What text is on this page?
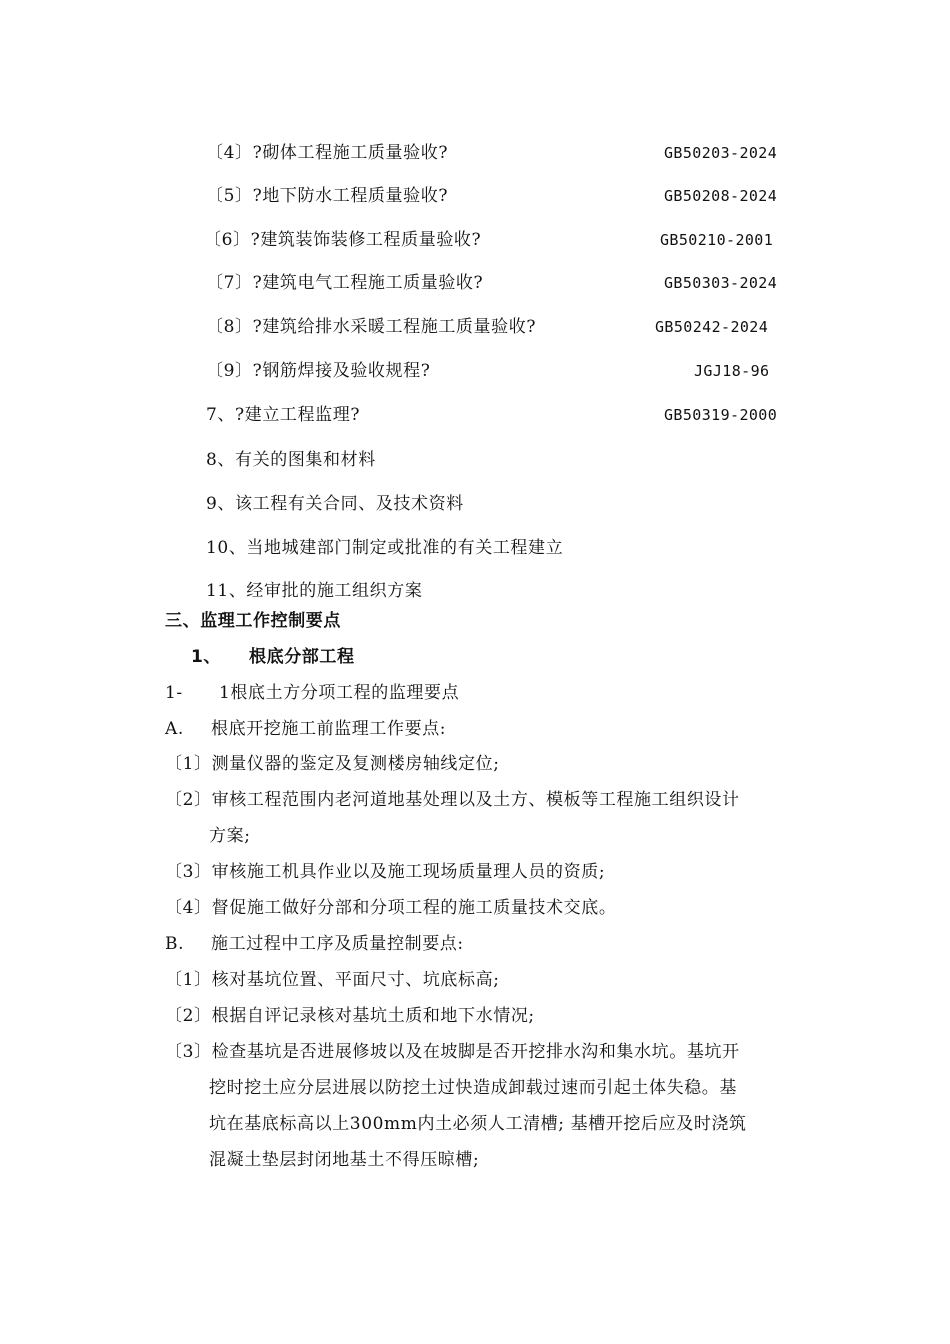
〔4〕?砌体工程施工质量验收?	GB50203-2024
〔5〕?地下防水工程质量验收?	GB50208-2024
〔6〕?建筑装饰装修工程质量验收?	GB50210-2001
〔7〕?建筑电气工程施工质量验收?	GB50303-2024
〔8〕?建筑给排水采暖工程施工质量验收?	GB50242-2024
〔9〕?钢筋焊接及验收规程?	JGJ18-96
7、?建立工程监理?	GB50319-2000
8、有关的图集和材料
9、该工程有关合同、及技术资料
10、当地城建部门制定或批准的有关工程建立
11、经审批的施工组织方案
三、监理工作控制要点
1、 根底分部工程
1- 1根底土方分项工程的监理要点
A. 根底开挖施工前监理工作要点:
〔1〕测量仪器的鉴定及复测楼房轴线定位;
〔2〕审核工程范围内老河道地基处理以及土方、模板等工程施工组织设计
方案;
〔3〕审核施工机具作业以及施工现场质量理人员的资质;
〔4〕督促施工做好分部和分项工程的施工质量技术交底。
B. 施工过程中工序及质量控制要点:
〔1〕核对基坑位置、平面尺寸、坑底标高;
〔2〕根据自评记录核对基坑土质和地下水情况;
〔3〕检查基坑是否进展修坡以及在坡脚是否开挖排水沟和集水坑。基坑开
挖时挖土应分层进展以防挖土过快造成卸载过速而引起土体失稳。基
坑在基底标高以上300mm内土必须人工清槽; 基槽开挖后应及时浇筑
混凝土垫层封闭地基土不得压晾槽;
